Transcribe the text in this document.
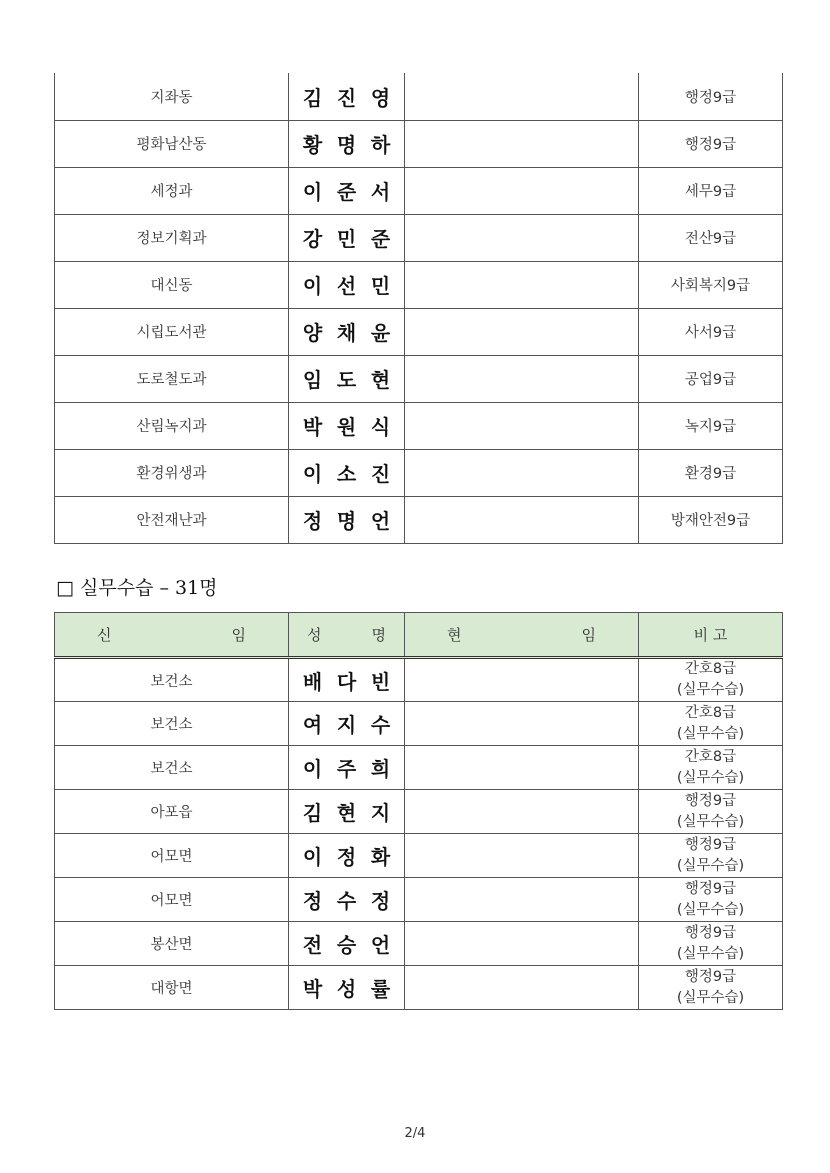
지좌동	김 진 영		행정9급
평화남산동	황 명 하		행정9급
세정과	이 준 서		세무9급
정보기획과	강 민 준		전산9급
대신동	이 선 민		사회복지9급
시립도서관	양 채 윤		사서9급
도로철도과	임 도 현		공업9급
산림녹지과	박 원 식		녹지9급
환경위생과	이 소 진		환경9급
안전재난과	정 명 언		방재안전9급
□ 실무수습 – 31명
신 임	성 명	현 임	비 고
보건소	배 다 빈		간호8급
(실무수습)

보건소	여 지 수		간호8급
(실무수습)

보건소	이 주 희		간호8급
(실무수습)

아포읍	김 현 지		행정9급
(실무수습)

어모면	이 정 화		행정9급
(실무수습)

어모면	정 수 정		행정9급
(실무수습)

봉산면	전 승 언		행정9급
(실무수습)

대항면	박 성 률		행정9급
(실무수습)
2/4
